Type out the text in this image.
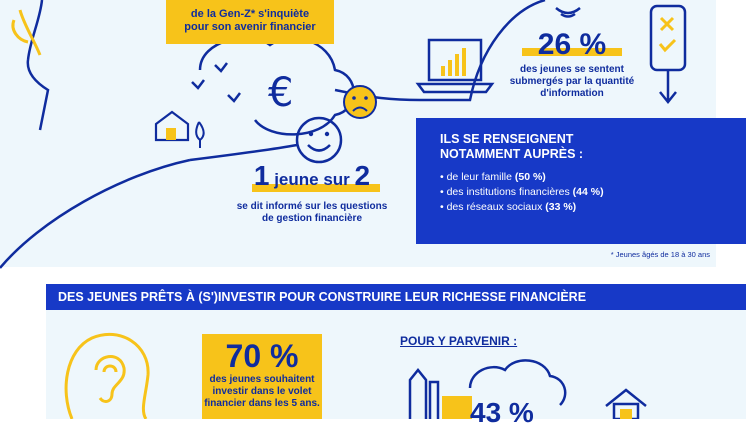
€
de la Gen-Z* s'inquiète
pour son avenir financier
26 %
des jeunes se sentent
submergés par la quantité
d'information
1 jeune sur 2
se dit informé sur les questions
de gestion financière
ILS SE RENSEIGNENT
NOTAMMENT AUPRÈS :
• de leur famille (50 %)
• des institutions financières (44 %)
• des réseaux sociaux (33 %)
* Jeunes âgés de 18 à 30 ans
DES JEUNES PRÊTS À (S')INVESTIR POUR CONSTRUIRE LEUR RICHESSE FINANCIÈRE
70 %
des jeunes souhaitent
investir dans le volet
financier dans les 5 ans.
POUR Y PARVENIR :
43 %
